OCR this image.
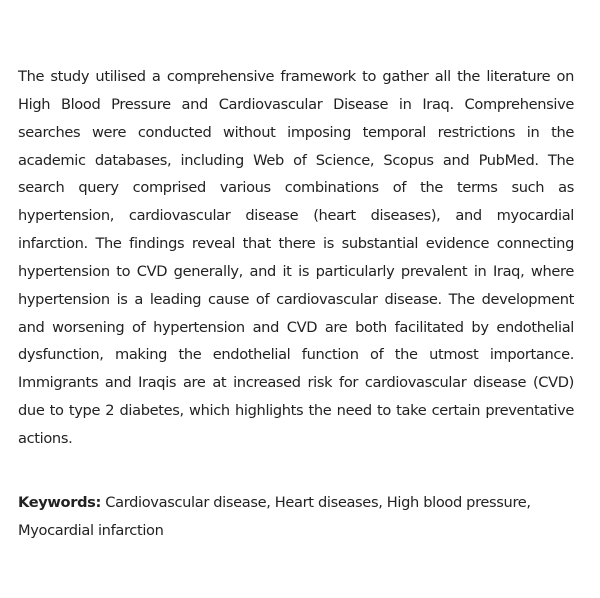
The study utilised a comprehensive framework to gather all the literature on High Blood Pressure and Cardiovascular Disease in Iraq. Comprehensive searches were conducted without imposing temporal restrictions in the academic databases, including Web of Science, Scopus and PubMed. The search query comprised various combinations of the terms such as hypertension, cardiovascular disease (heart diseases), and myocardial infarction. The findings reveal that there is substantial evidence connecting hypertension to CVD generally, and it is particularly prevalent in Iraq, where hypertension is a leading cause of cardiovascular disease. The development and worsening of hypertension and CVD are both facilitated by endothelial dysfunction, making the endothelial function of the utmost importance. Immigrants and Iraqis are at increased risk for cardiovascular disease (CVD) due to type 2 diabetes, which highlights the need to take certain preventative actions.

Keywords: Cardiovascular disease, Heart diseases, High blood pressure, Myocardial infarction
